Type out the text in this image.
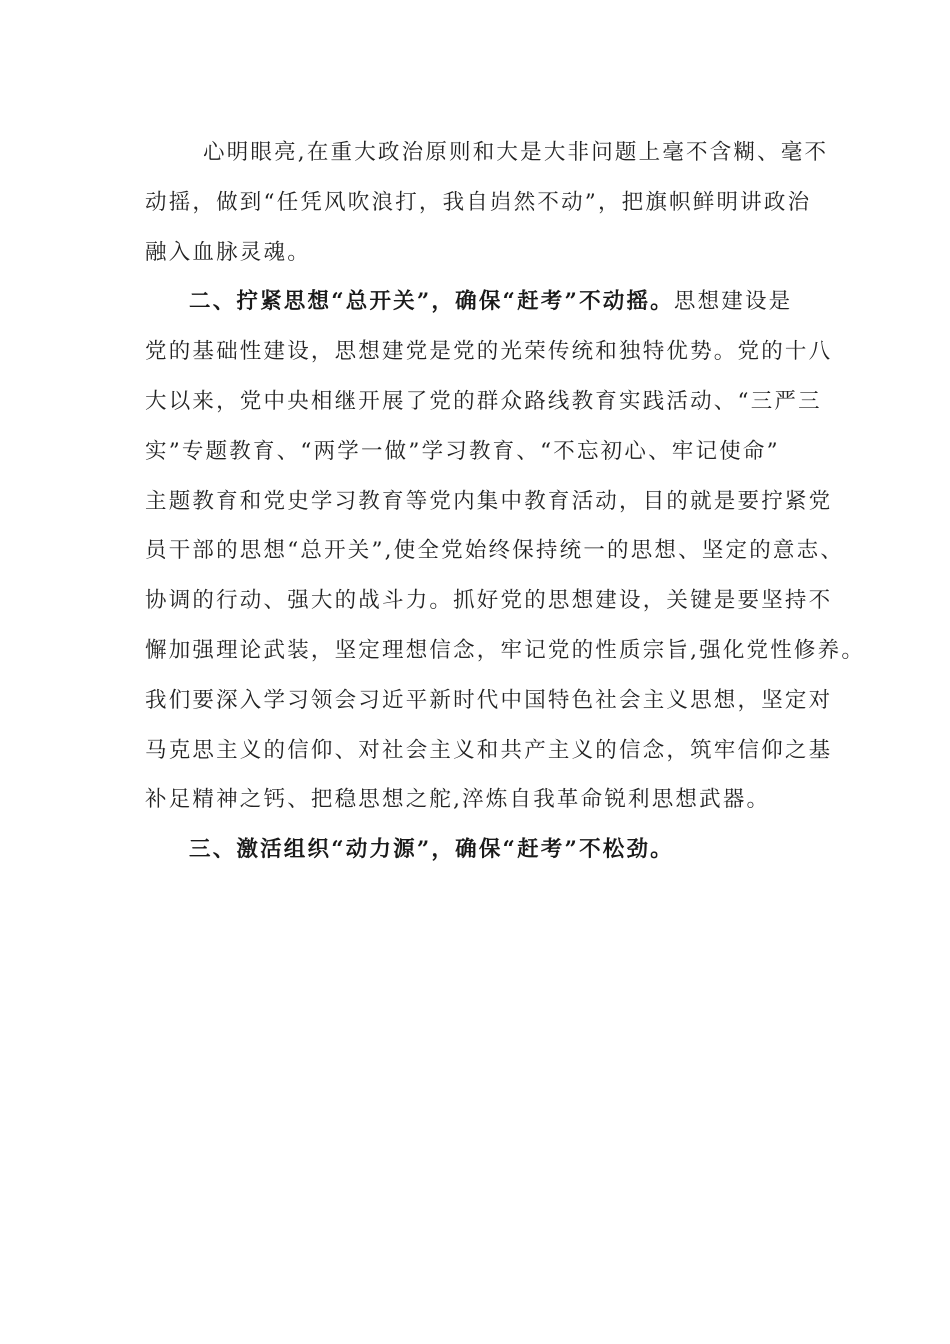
心明眼亮,在重大政治原则和大是大非问题上毫不含糊、毫不
动摇，做到“任凭风吹浪打，我自岿然不动”，把旗帜鲜明讲政治
融入血脉灵魂。
二、拧紧思想“总开关”，确保“赶考”不动摇。思想建设是
党的基础性建设，思想建党是党的光荣传统和独特优势。党的十八
大以来，党中央相继开展了党的群众路线教育实践活动、“三严三
实”专题教育、“两学一做”学习教育、“不忘初心、牢记使命”
主题教育和党史学习教育等党内集中教育活动，目的就是要拧紧党
员干部的思想“总开关”,使全党始终保持统一的思想、坚定的意志、
协调的行动、强大的战斗力。抓好党的思想建设，关键是要坚持不
懈加强理论武装，坚定理想信念，牢记党的性质宗旨,强化党性修养。
我们要深入学习领会习近平新时代中国特色社会主义思想，坚定对
马克思主义的信仰、对社会主义和共产主义的信念，筑牢信仰之基
补足精神之钙、把稳思想之舵,淬炼自我革命锐利思想武器。
三、激活组织“动力源”，确保“赶考”不松劲。
